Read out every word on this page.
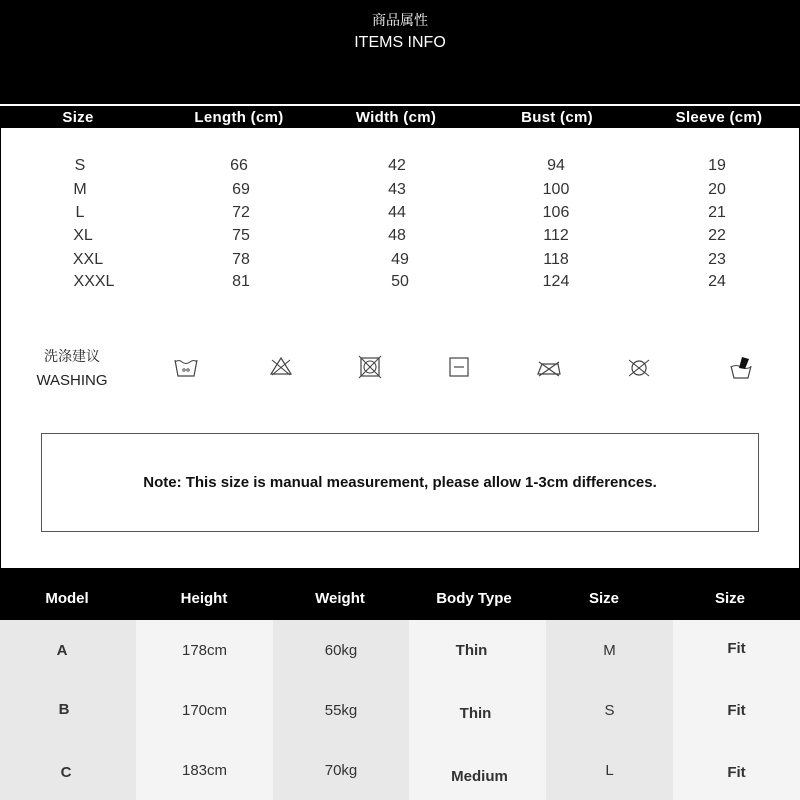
商品属性
ITEMS INFO
Size	Length (cm)	Width (cm)	Bust (cm)	Sleeve (cm)
S	66	42	94	19
M	69	43	100	20
L	72	44	106	21
XL	75	48	112	22
XXL	78	49	118	23
XXXL	81	50	124	24
洗涤建议
WASHING
Note: This size is manual measurement, please allow 1-3cm differences.
Model	Height	Weight	Body Type	Size	Size
A	178cm	60kg	Thin	M	Fit
B	170cm	55kg	Thin	S	Fit
C	183cm	70kg	Medium	L	Fit
